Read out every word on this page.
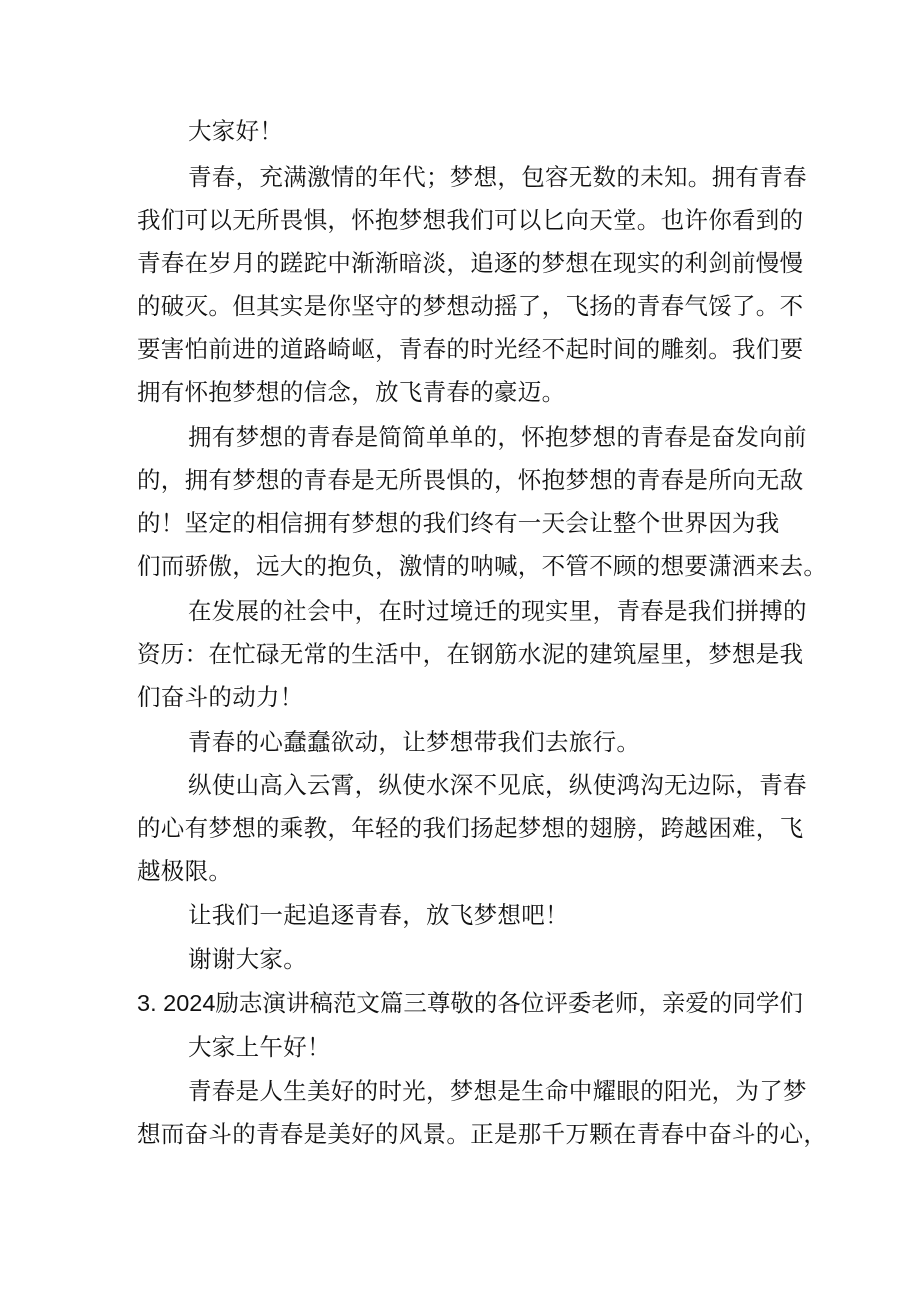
大家好！
青春，充满激情的年代；梦想，包容无数的未知。拥有青春
我们可以无所畏惧，怀抱梦想我们可以匕向天堂。也许你看到的
青春在岁月的蹉跎中渐渐暗淡，追逐的梦想在现实的利剑前慢慢
的破灭。但其实是你坚守的梦想动摇了，飞扬的青春气馁了。不
要害怕前进的道路崎岖，青春的时光经不起时间的雕刻。我们要
拥有怀抱梦想的信念，放飞青春的豪迈。
拥有梦想的青春是简简单单的，怀抱梦想的青春是奋发向前
的，拥有梦想的青春是无所畏惧的，怀抱梦想的青春是所向无敌
的！坚定的相信拥有梦想的我们终有一天会让整个世界因为我
们而骄傲，远大的抱负，激情的呐喊，不管不顾的想要潇洒来去。
在发展的社会中，在时过境迁的现实里，青春是我们拼搏的
资历：在忙碌无常的生活中，在钢筋水泥的建筑屋里，梦想是我
们奋斗的动力！
青春的心蠢蠢欲动，让梦想带我们去旅行。
纵使山高入云霄，纵使水深不见底，纵使鸿沟无边际，青春
的心有梦想的乘教，年轻的我们扬起梦想的翅膀，跨越困难，飞
越极限。
让我们一起追逐青春，放飞梦想吧！
谢谢大家。
3. 2024励志演讲稿范文篇三尊敬的各位评委老师，亲爱的同学们
大家上午好！
青春是人生美好的时光，梦想是生命中耀眼的阳光，为了梦
想而奋斗的青春是美好的风景。正是那千万颗在青春中奋斗的心，
